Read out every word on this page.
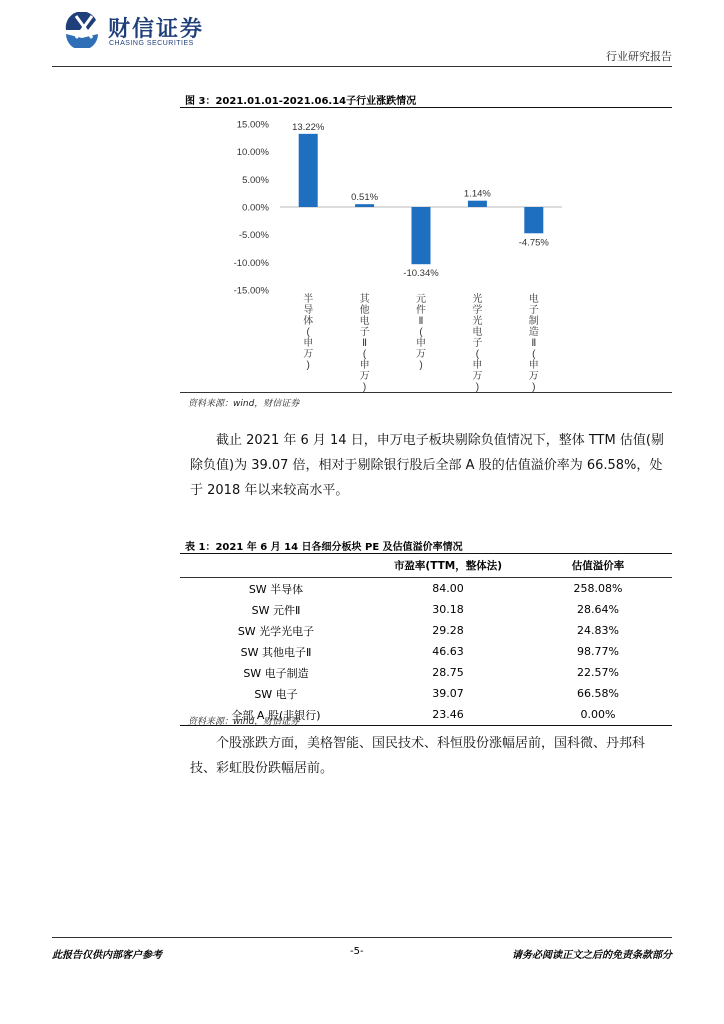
财信证券
CHASING SECURITIES
行业研究报告
图 3：2021.01.01-2021.06.14子行业涨跌情况
15.00%
10.00%
5.00%
0.00%
-5.00%
-10.00%
-15.00%
13.22%
半导体(申万)
0.51%
其他电子 Ⅱ (申万)
-10.34%
元件 Ⅱ (申万)
1.14%
光学光电子(申万)
-4.75%
电子制造 Ⅱ (申万)
资料来源：wind，财信证券
截止 2021 年 6 月 14 日，申万电子板块剔除负值情况下，整体 TTM 估值(剔除负值)为 39.07 倍，相对于剔除银行股后全部 A 股的估值溢价率为 66.58%，处于 2018 年以来较高水平。
表 1：2021 年 6 月 14 日各细分板块 PE 及估值溢价率情况
	市盈率(TTM，整体法)	估值溢价率
SW 半导体	84.00	258.08%
SW 元件Ⅱ	30.18	28.64%
SW 光学光电子	29.28	24.83%
SW 其他电子Ⅱ	46.63	98.77%
SW 电子制造	28.75	22.57%
SW 电子	39.07	66.58%
全部 A 股(非银行)	23.46	0.00%
资料来源：wind，财信证券
个股涨跌方面，美格智能、国民技术、科恒股份涨幅居前，国科微、丹邦科技、彩虹股份跌幅居前。
此报告仅供内部客户参考	-5-	请务必阅读正文之后的免责条款部分
